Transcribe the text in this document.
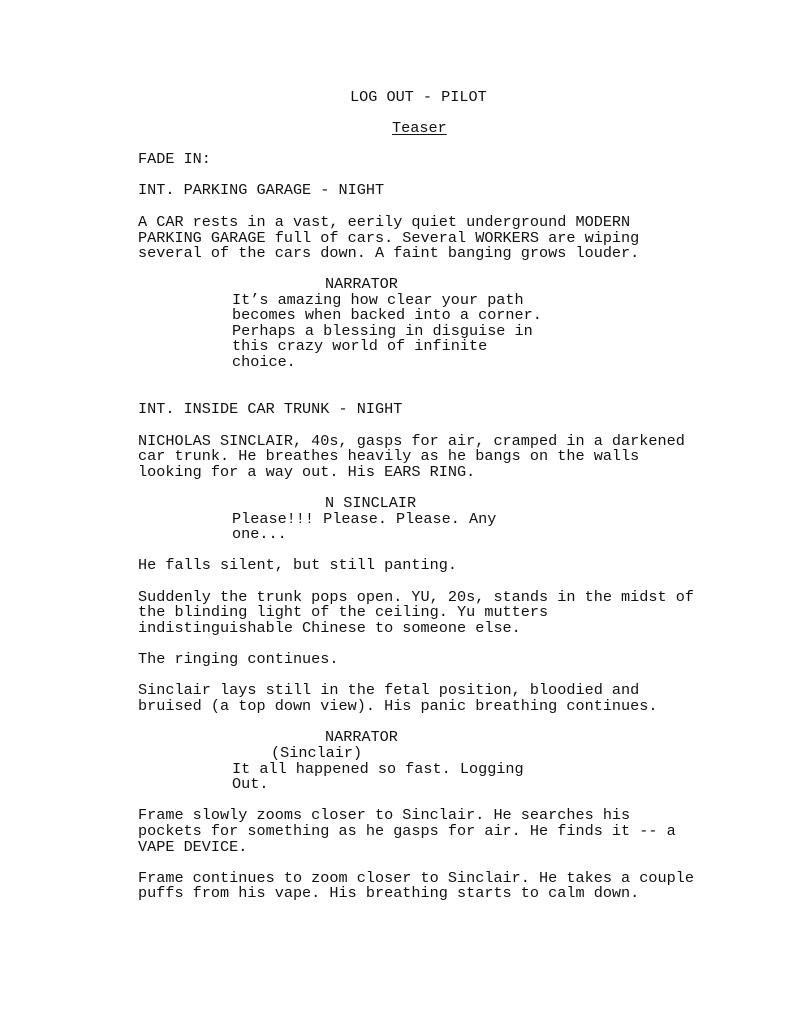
LOG OUT - PILOT
Teaser
FADE IN:
INT. PARKING GARAGE - NIGHT
A CAR rests in a vast, eerily quiet underground MODERN
PARKING GARAGE full of cars. Several WORKERS are wiping
several of the cars down. A faint banging grows louder.
NARRATOR
It’s amazing how clear your path
becomes when backed into a corner.
Perhaps a blessing in disguise in
this crazy world of infinite
choice.
INT. INSIDE CAR TRUNK - NIGHT
NICHOLAS SINCLAIR, 40s, gasps for air, cramped in a darkened
car trunk. He breathes heavily as he bangs on the walls
looking for a way out. His EARS RING.
N SINCLAIR
Please!!! Please. Please. Any
one...
He falls silent, but still panting.
Suddenly the trunk pops open. YU, 20s, stands in the midst of
the blinding light of the ceiling. Yu mutters
indistinguishable Chinese to someone else.
The ringing continues.
Sinclair lays still in the fetal position, bloodied and
bruised (a top down view). His panic breathing continues.
NARRATOR
(Sinclair)
It all happened so fast. Logging
Out.
Frame slowly zooms closer to Sinclair. He searches his
pockets for something as he gasps for air. He finds it -- a
VAPE DEVICE.
Frame continues to zoom closer to Sinclair. He takes a couple
puffs from his vape. His breathing starts to calm down.
